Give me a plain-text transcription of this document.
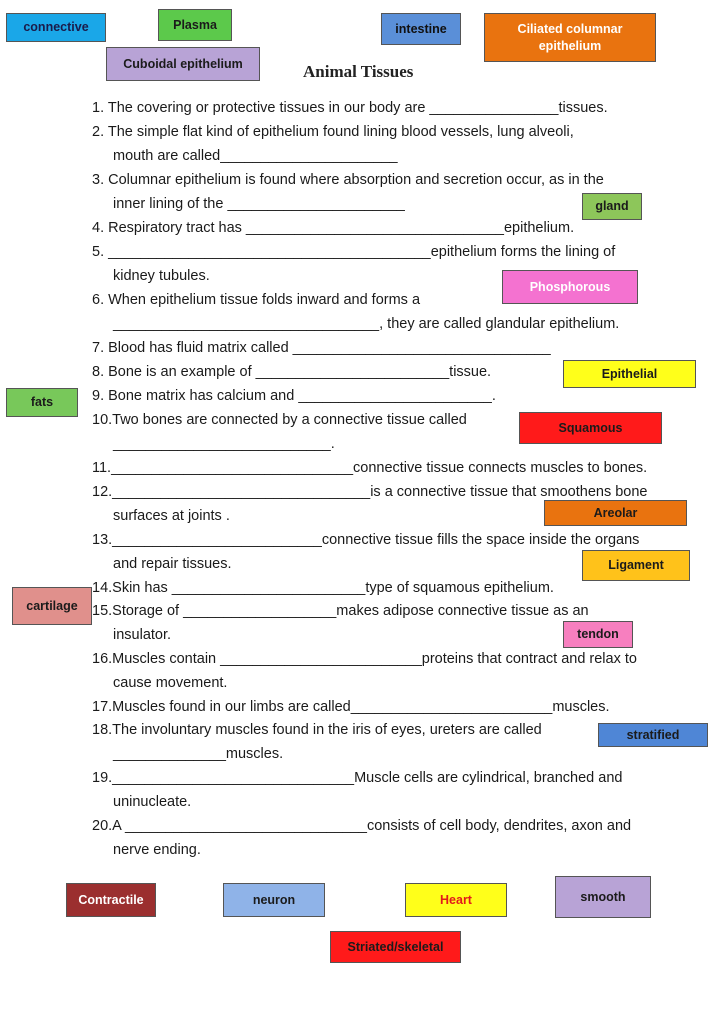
Animal Tissues
1. The covering or protective tissues in our body are ________________tissues.
2. The simple flat kind of epithelium found lining blood vessels, lung alveoli,
mouth are called______________________
3. Columnar epithelium is found where absorption and secretion occur, as in the
inner lining of the ______________________
4. Respiratory tract has ________________________________epithelium.
5. ________________________________________epithelium forms the lining of
kidney tubules.
6. When epithelium tissue folds inward and forms a
_________________________________, they are called glandular epithelium.
7. Blood has fluid matrix called ________________________________
8. Bone is an example of ________________________tissue.
9. Bone matrix has calcium and ________________________.
10.Two bones are connected by a connective tissue called
___________________________.
11.______________________________connective tissue connects muscles to bones.
12.________________________________is a connective tissue that smoothens bone
surfaces at joints .
13.__________________________connective tissue fills the space inside the organs
and repair tissues.
14.Skin has ________________________type of squamous epithelium.
15.Storage of ___________________makes adipose connective tissue as an
insulator.
16.Muscles contain _________________________proteins that contract and relax to
cause movement.
17.Muscles found in our limbs are called_________________________muscles.
18.The involuntary muscles found in the iris of eyes, ureters are called
______________muscles.
19.______________________________Muscle cells are cylindrical, branched and
uninucleate.
20.A ______________________________consists of cell body, dendrites, axon and
nerve ending.
connective	Plasma	intestine	Ciliated columnar epithelium
Cuboidal epithelium
gland
Phosphorous
Epithelial
fats
Squamous
Areolar
Ligament
cartilage
tendon
stratified
Contractile	neuron	Heart	smooth
Striated/skeletal
